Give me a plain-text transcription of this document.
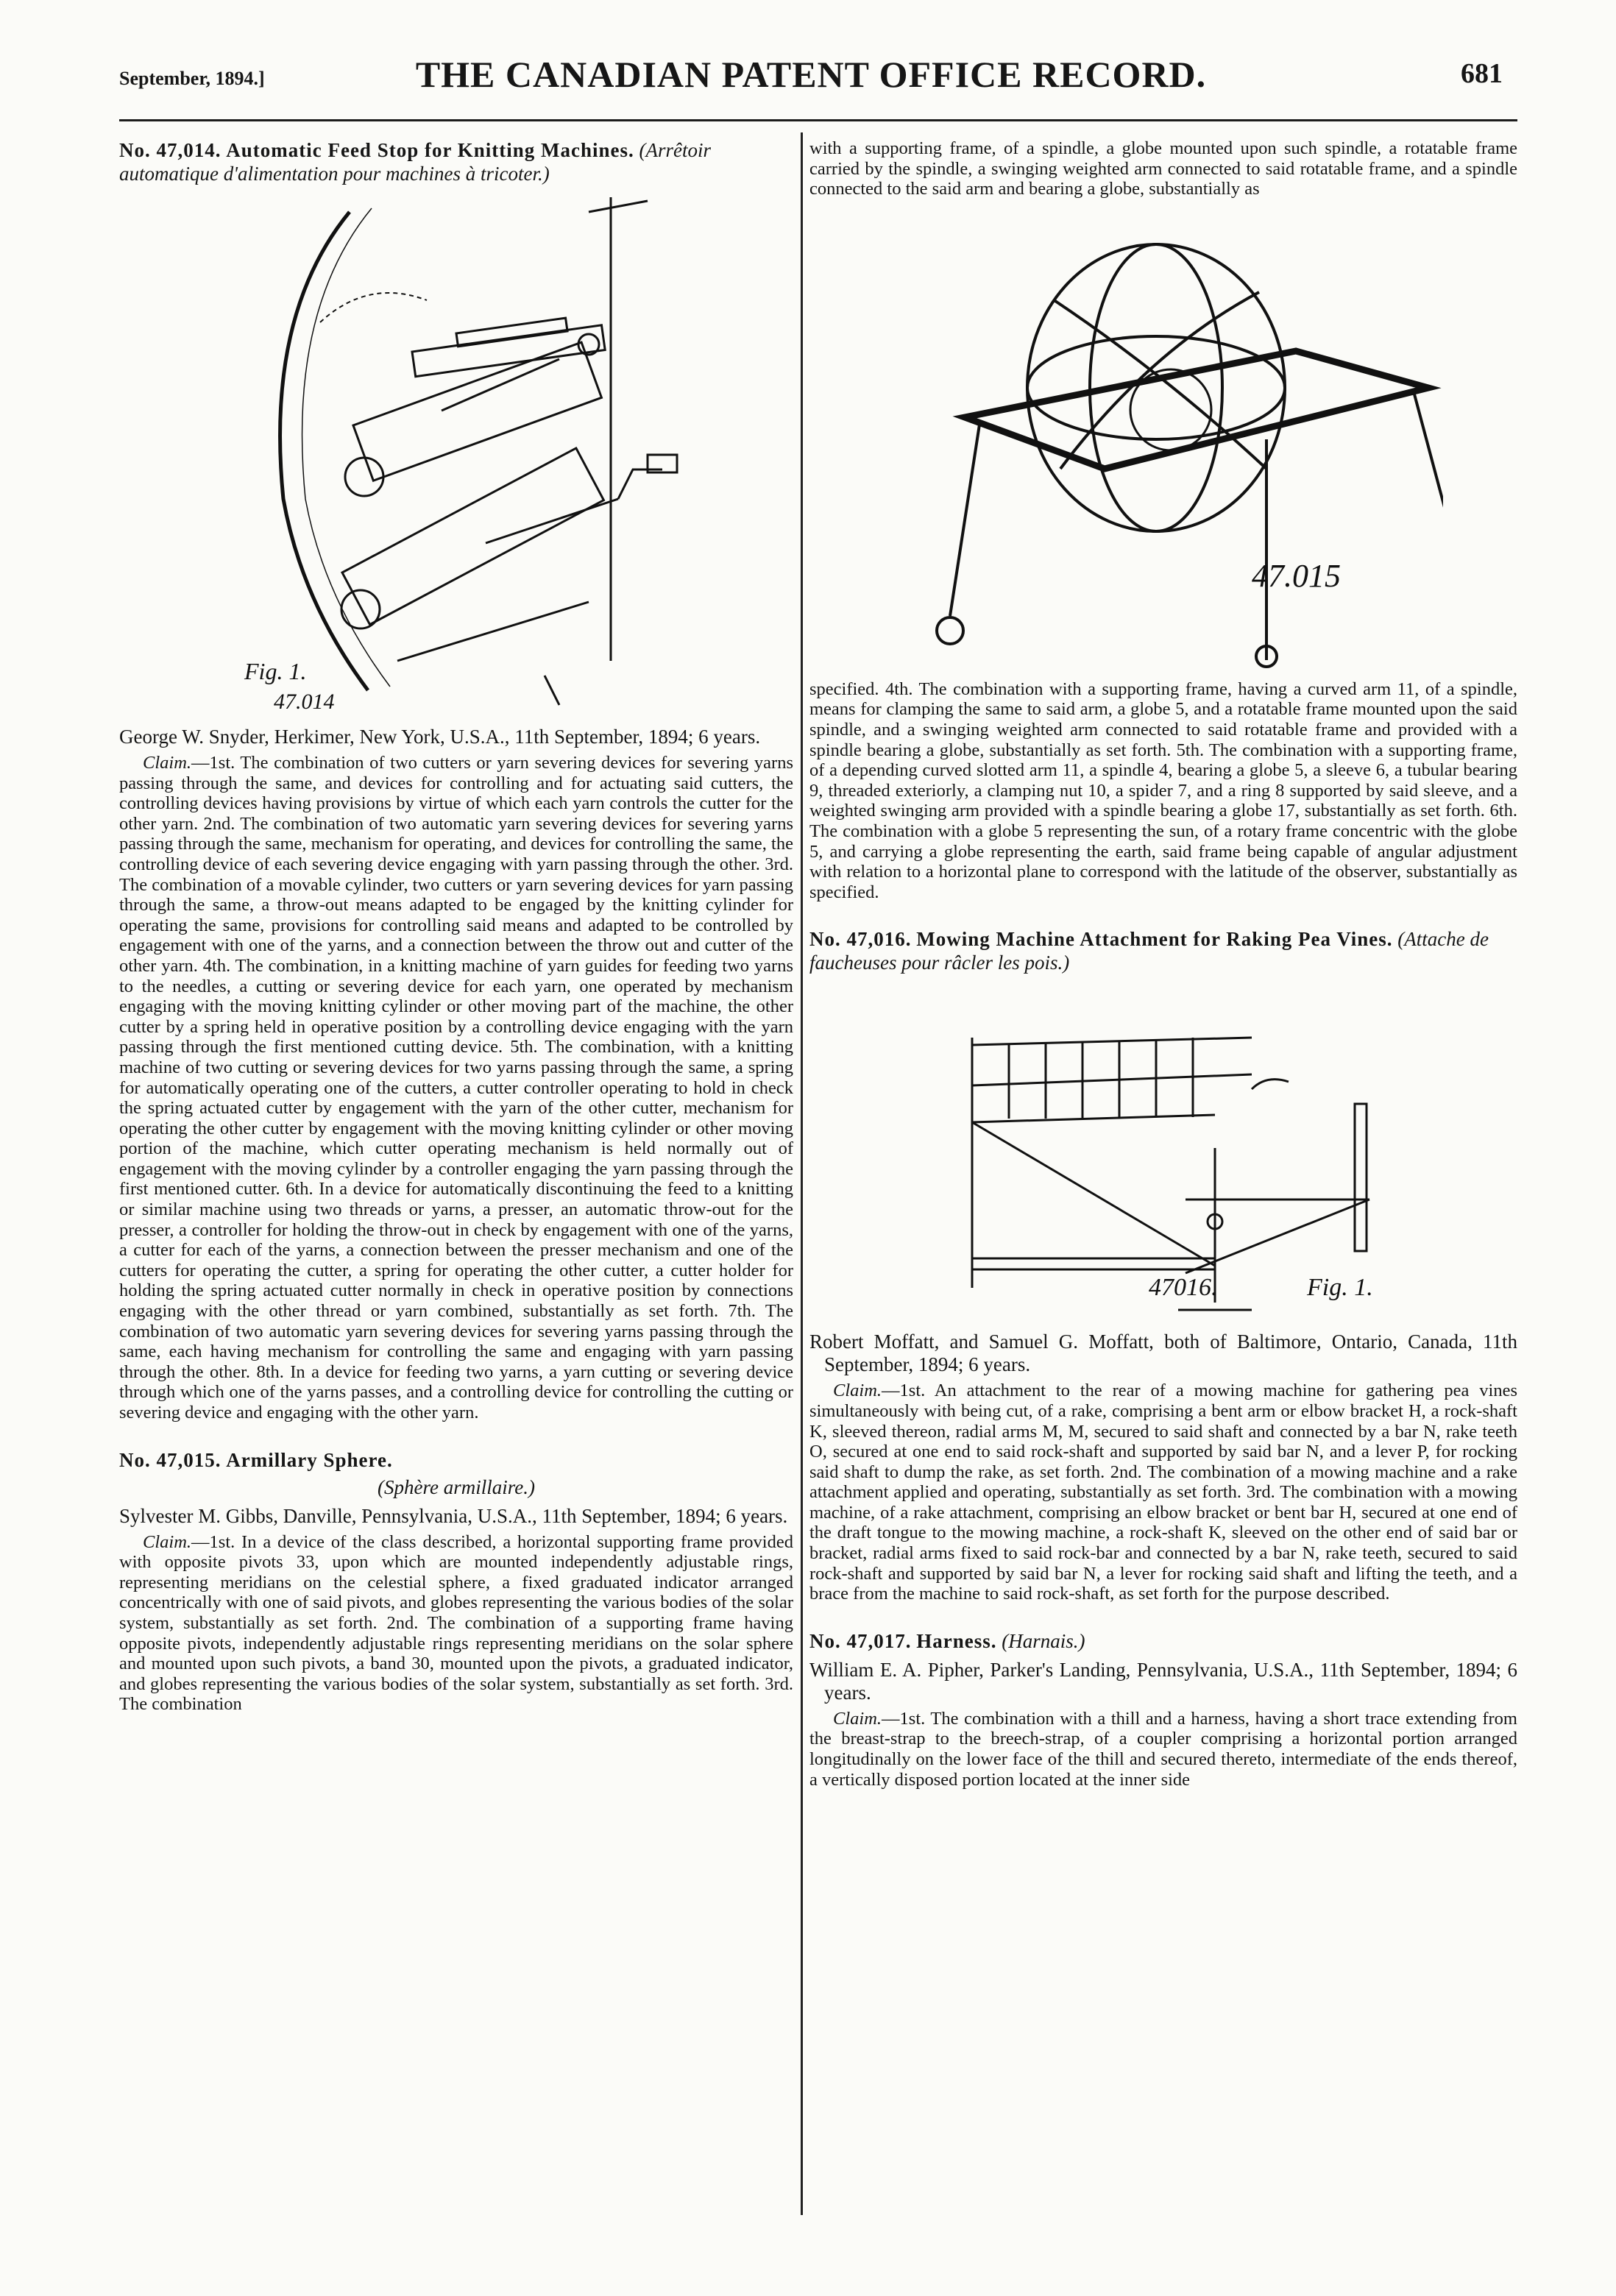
September, 1894.]	THE CANADIAN PATENT OFFICE RECORD.	681

No. 47,014. Automatic Feed Stop for Knitting Machines. (Arrêtoir automatique d'alimentation pour machines à tricoter.)

Fig. 1.
47.014

George W. Snyder, Herkimer, New York, U.S.A., 11th September, 1894; 6 years.

Claim.—1st. The combination of two cutters or yarn severing devices for severing yarns passing through the same, and devices for controlling and for actuating said cutters, the controlling devices having provisions by virtue of which each yarn controls the cutter for the other yarn. 2nd. The combination of two automatic yarn severing devices for severing yarns passing through the same, mechanism for operating, and devices for controlling the same, the controlling device of each severing device engaging with yarn passing through the other. 3rd. The combination of a movable cylinder, two cutters or yarn severing devices for yarn passing through the same, a throw-out means adapted to be engaged by the knitting cylinder for operating the same, provisions for controlling said means and adapted to be controlled by engagement with one of the yarns, and a connection between the throw out and cutter of the other yarn. 4th. The combination, in a knitting machine of yarn guides for feeding two yarns to the needles, a cutting or severing device for each yarn, one operated by mechanism engaging with the moving knitting cylinder or other moving part of the machine, the other cutter by a spring held in operative position by a controlling device engaging with the yarn passing through the first mentioned cutting device. 5th. The combination, with a knitting machine of two cutting or severing devices for two yarns passing through the same, a spring for automatically operating one of the cutters, a cutter controller operating to hold in check the spring actuated cutter by engagement with the yarn of the other cutter, mechanism for operating the other cutter by engagement with the moving knitting cylinder or other moving portion of the machine, which cutter operating mechanism is held normally out of engagement with the moving cylinder by a controller engaging the yarn passing through the first mentioned cutter. 6th. In a device for automatically discontinuing the feed to a knitting or similar machine using two threads or yarns, a presser, an automatic throw-out for the presser, a controller for holding the throw-out in check by engagement with one of the yarns, a cutter for each of the yarns, a connection between the presser mechanism and one of the cutters for operating the cutter, a spring for operating the other cutter, a cutter holder for holding the spring actuated cutter normally in check in operative position by connections engaging with the other thread or yarn combined, substantially as set forth. 7th. The combination of two automatic yarn severing devices for severing yarns passing through the same, each having mechanism for controlling the same and engaging with yarn passing through the other. 8th. In a device for feeding two yarns, a yarn cutting or severing device through which one of the yarns passes, and a controlling device for controlling the cutting or severing device and engaging with the other yarn.

No. 47,015. Armillary Sphere.

(Sphère armillaire.)

Sylvester M. Gibbs, Danville, Pennsylvania, U.S.A., 11th September, 1894; 6 years.

Claim.—1st. In a device of the class described, a horizontal supporting frame provided with opposite pivots 33, upon which are mounted independently adjustable rings, representing meridians on the celestial sphere, a fixed graduated indicator arranged concentrically with one of said pivots, and globes representing the various bodies of the solar system, substantially as set forth. 2nd. The combination of a supporting frame having opposite pivots, independently adjustable rings representing meridians on the solar sphere and mounted upon such pivots, a band 30, mounted upon the pivots, a graduated indicator, and globes representing the various bodies of the solar system, substantially as set forth. 3rd. The combination

with a supporting frame, of a spindle, a globe mounted upon such spindle, a rotatable frame carried by the spindle, a swinging weighted arm connected to said rotatable frame, and a spindle connected to the said arm and bearing a globe, substantially as

47.015

specified. 4th. The combination with a supporting frame, having a curved arm 11, of a spindle, means for clamping the same to said arm, a globe 5, and a rotatable frame mounted upon the said spindle, and a swinging weighted arm connected to said rotatable frame and provided with a spindle bearing a globe, substantially as set forth. 5th. The combination with a supporting frame, of a depending curved slotted arm 11, a spindle 4, bearing a globe 5, a sleeve 6, a tubular bearing 9, threaded exteriorly, a clamping nut 10, a spider 7, and a ring 8 supported by said sleeve, and a weighted swinging arm provided with a spindle bearing a globe 17, substantially as set forth. 6th. The combination with a globe 5 representing the sun, of a rotary frame concentric with the globe 5, and carrying a globe representing the earth, said frame being capable of angular adjustment with relation to a horizontal plane to correspond with the latitude of the observer, substantially as specified.

No. 47,016. Mowing Machine Attachment for Raking Pea Vines. (Attache de faucheuses pour râcler les pois.)

47016.	Fig. 1.

Robert Moffatt, and Samuel G. Moffatt, both of Baltimore, Ontario, Canada, 11th September, 1894; 6 years.

Claim.—1st. An attachment to the rear of a mowing machine for gathering pea vines simultaneously with being cut, of a rake, comprising a bent arm or elbow bracket H, a rock-shaft K, sleeved thereon, radial arms M, M, secured to said shaft and connected by a bar N, rake teeth O, secured at one end to said rock-shaft and supported by said bar N, and a lever P, for rocking said shaft to dump the rake, as set forth. 2nd. The combination of a mowing machine and a rake attachment applied and operating, substantially as set forth. 3rd. The combination with a mowing machine, of a rake attachment, comprising an elbow bracket or bent bar H, secured at one end of the draft tongue to the mowing machine, a rock-shaft K, sleeved on the other end of said bar or bracket, radial arms fixed to said rock-bar and connected by a bar N, rake teeth, secured to said rock-shaft and supported by said bar N, a lever for rocking said shaft and lifting the teeth, and a brace from the machine to said rock-shaft, as set forth for the purpose described.

No. 47,017. Harness. (Harnais.)

William E. A. Pipher, Parker's Landing, Pennsylvania, U.S.A., 11th September, 1894; 6 years.

Claim.—1st. The combination with a thill and a harness, having a short trace extending from the breast-strap to the breech-strap, of a coupler comprising a horizontal portion arranged longitudinally on the lower face of the thill and secured thereto, intermediate of the ends thereof, a vertically disposed portion located at the inner side
